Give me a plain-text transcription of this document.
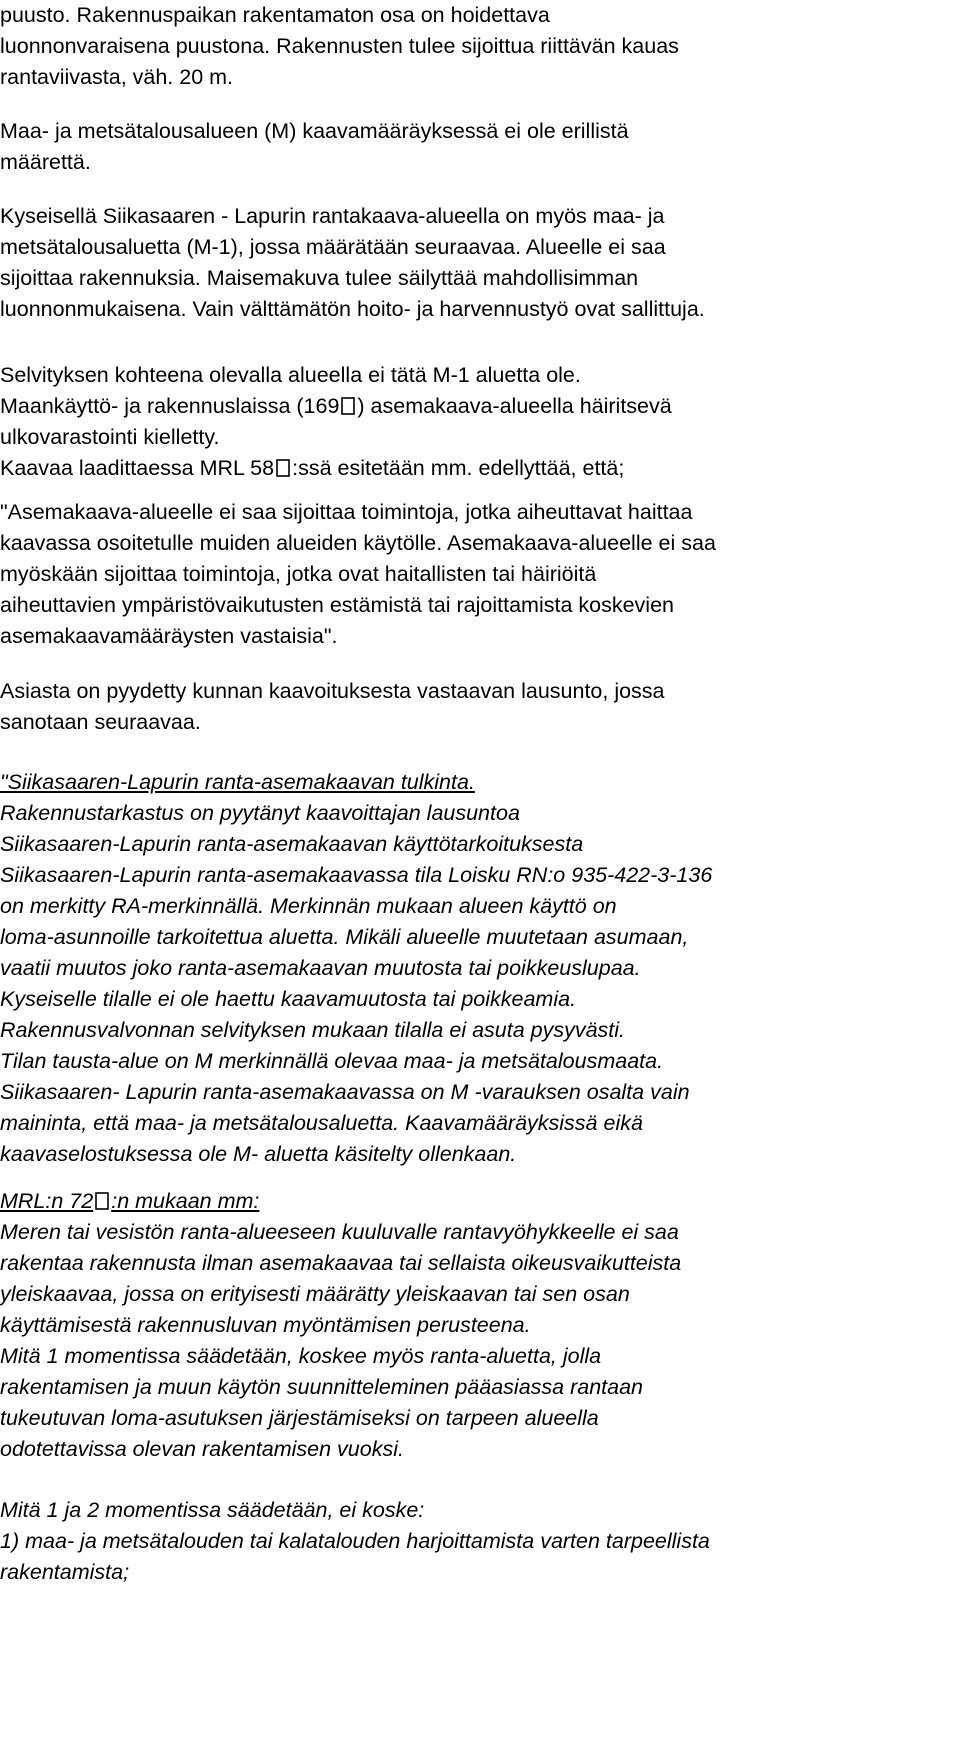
puusto. Rakennuspaikan rakentamaton osa on hoidettava
luonnonvaraisena puustona. Rakennusten tulee sijoittua riittävän kauas
rantaviivasta, väh. 20 m.
Maa- ja metsätalousalueen (M) kaavamääräyksessä ei ole erillistä
määrettä.
Kyseisellä Siikasaaren - Lapurin rantakaava-alueella on myös maa- ja
metsätalousaluetta (M-1), jossa määrätään seuraavaa. Alueelle ei saa
sijoittaa rakennuksia. Maisemakuva tulee säilyttää mahdollisimman
luonnonmukaisena. Vain välttämätön hoito- ja harvennustyö ovat sallittuja.
Selvityksen kohteena olevalla alueella ei tätä M-1 aluetta ole.
Maankäyttö- ja rakennuslaissa (169 ) asemakaava-alueella häiritsevä
ulkovarastointi kielletty.
Kaavaa laadittaessa MRL 58 :ssä esitetään mm. edellyttää, että;
"Asemakaava-alueelle ei saa sijoittaa toimintoja, jotka aiheuttavat haittaa
kaavassa osoitetulle muiden alueiden käytölle. Asemakaava-alueelle ei saa
myöskään sijoittaa toimintoja, jotka ovat haitallisten tai häiriöitä
aiheuttavien ympäristövaikutusten estämistä tai rajoittamista koskevien
asemakaavamääräysten vastaisia".
Asiasta on pyydetty kunnan kaavoituksesta vastaavan lausunto, jossa
sanotaan seuraavaa.
"Siikasaaren-Lapurin ranta-asemakaavan tulkinta.
Rakennustarkastus on pyytänyt kaavoittajan lausuntoa
Siikasaaren-Lapurin ranta-asemakaavan käyttötarkoituksesta
Siikasaaren-Lapurin ranta-asemakaavassa tila Loisku RN:o 935-422-3-136
on merkitty RA-merkinnällä. Merkinnän mukaan alueen käyttö on
loma-asunnoille tarkoitettua aluetta. Mikäli alueelle muutetaan asumaan,
vaatii muutos joko ranta-asemakaavan muutosta tai poikkeuslupaa.
Kyseiselle tilalle ei ole haettu kaavamuutosta tai poikkeamia.
Rakennusvalvonnan selvityksen mukaan tilalla ei asuta pysyvästi.
Tilan tausta-alue on M merkinnällä olevaa maa- ja metsätalousmaata.
Siikasaaren- Lapurin ranta-asemakaavassa on M -varauksen osalta vain
maininta, että maa- ja metsätalousaluetta. Kaavamääräyksissä eikä
kaavaselostuksessa ole M- aluetta käsitelty ollenkaan.
MRL:n 72 :n mukaan mm:
Meren tai vesistön ranta-alueeseen kuuluvalle rantavyöhykkeelle ei saa
rakentaa rakennusta ilman asemakaavaa tai sellaista oikeusvaikutteista
yleiskaavaa, jossa on erityisesti määrätty yleiskaavan tai sen osan
käyttämisestä rakennusluvan myöntämisen perusteena.
Mitä 1 momentissa säädetään, koskee myös ranta-aluetta, jolla
rakentamisen ja muun käytön suunnitteleminen pääasiassa rantaan
tukeutuvan loma-asutuksen järjestämiseksi on tarpeen alueella
odotettavissa olevan rakentamisen vuoksi.
Mitä 1 ja 2 momentissa säädetään, ei koske:
1) maa- ja metsätalouden tai kalatalouden harjoittamista varten tarpeellista
rakentamista;
